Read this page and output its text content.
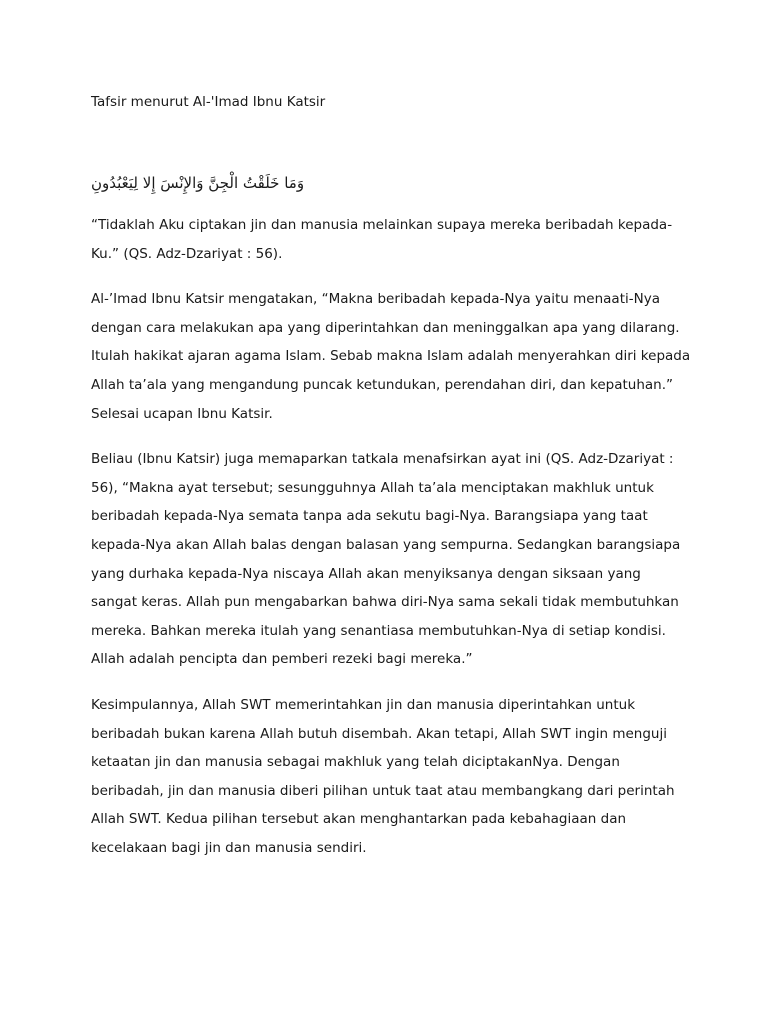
Tafsir menurut Al-'Imad Ibnu Katsir

وَمَا خَلَقْتُ الْجِنَّ وَالإِنْسَ إِلا لِيَعْبُدُونِ

“Tidaklah Aku ciptakan jin dan manusia melainkan supaya mereka beribadah kepada-Ku.” (QS. Adz-Dzariyat : 56).

Al-’Imad Ibnu Katsir mengatakan, “Makna beribadah kepada-Nya yaitu menaati-Nya dengan cara melakukan apa yang diperintahkan dan meninggalkan apa yang dilarang. Itulah hakikat ajaran agama Islam. Sebab makna Islam adalah menyerahkan diri kepada Allah ta’ala yang mengandung puncak ketundukan, perendahan diri, dan kepatuhan.” Selesai ucapan Ibnu Katsir.

Beliau (Ibnu Katsir) juga memaparkan tatkala menafsirkan ayat ini (QS. Adz-Dzariyat : 56), “Makna ayat tersebut; sesungguhnya Allah ta’ala menciptakan makhluk untuk beribadah kepada-Nya semata tanpa ada sekutu bagi-Nya. Barangsiapa yang taat kepada-Nya akan Allah balas dengan balasan yang sempurna. Sedangkan barangsiapa yang durhaka kepada-Nya niscaya Allah akan menyiksanya dengan siksaan yang sangat keras. Allah pun mengabarkan bahwa diri-Nya sama sekali tidak membutuhkan mereka. Bahkan mereka itulah yang senantiasa membutuhkan-Nya di setiap kondisi. Allah adalah pencipta dan pemberi rezeki bagi mereka.”

Kesimpulannya, Allah SWT memerintahkan jin dan manusia diperintahkan untuk beribadah bukan karena Allah butuh disembah. Akan tetapi, Allah SWT ingin menguji ketaatan jin dan manusia sebagai makhluk yang telah diciptakanNya. Dengan beribadah, jin dan manusia diberi pilihan untuk taat atau membangkang dari perintah Allah SWT. Kedua pilihan tersebut akan menghantarkan pada kebahagiaan dan kecelakaan bagi jin dan manusia sendiri.
